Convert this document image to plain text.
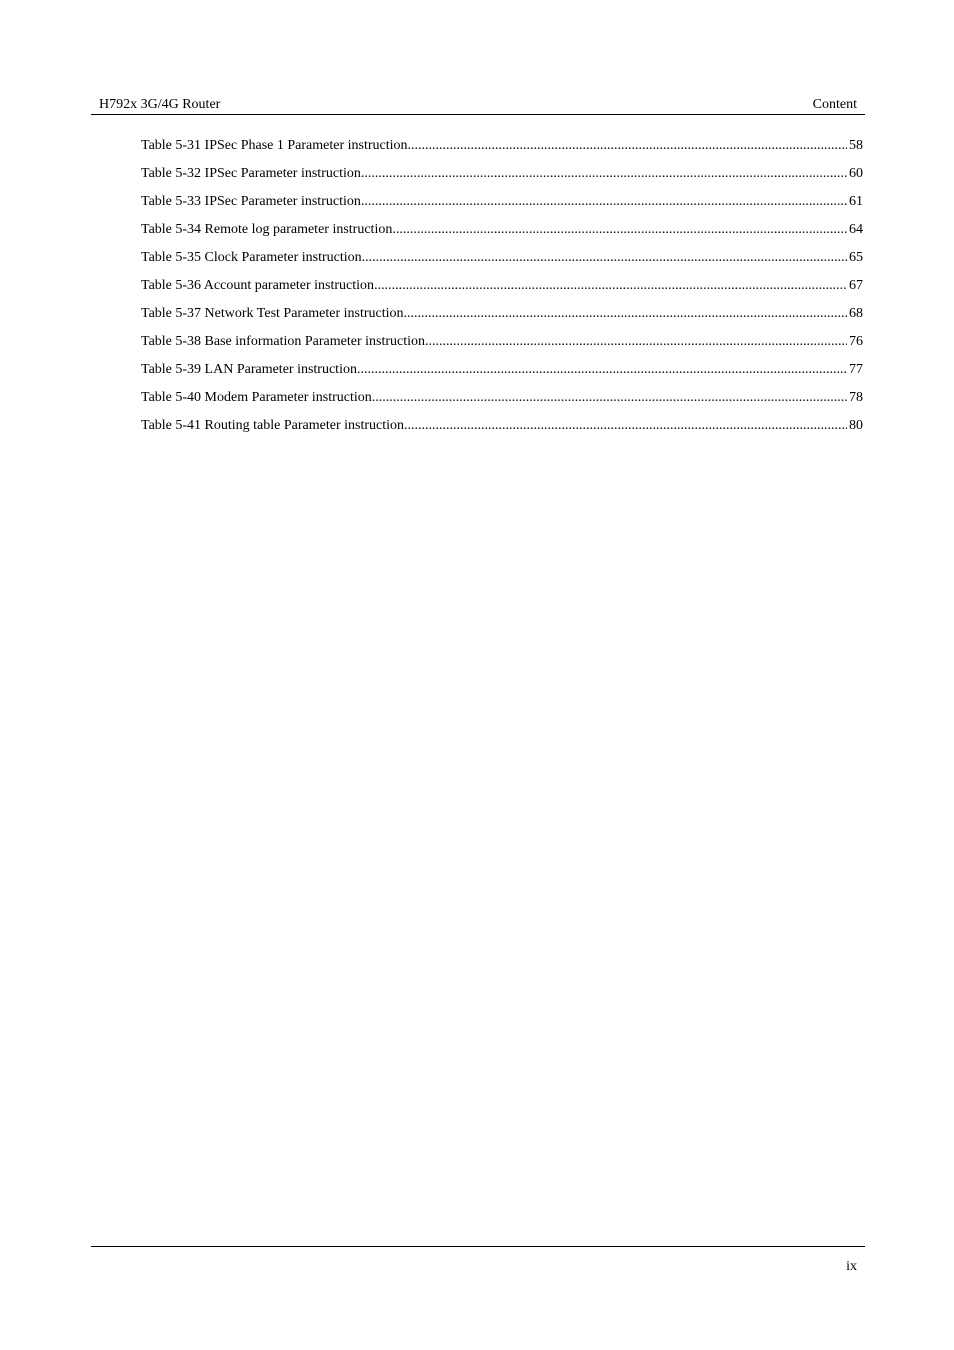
H792x 3G/4G Router	Content
Table 5-31 IPSec Phase 1 Parameter instruction .....	58
Table 5-32 IPSec Parameter instruction .....	60
Table 5-33 IPSec Parameter instruction .....	61
Table 5-34 Remote log parameter instruction .....	64
Table 5-35 Clock Parameter instruction .....	65
Table 5-36 Account parameter instruction .....	67
Table 5-37 Network Test Parameter instruction .....	68
Table 5-38 Base information Parameter instruction .....	76
Table 5-39 LAN Parameter instruction .....	77
Table 5-40 Modem Parameter instruction .....	78
Table 5-41 Routing table Parameter instruction .....	80
ix
